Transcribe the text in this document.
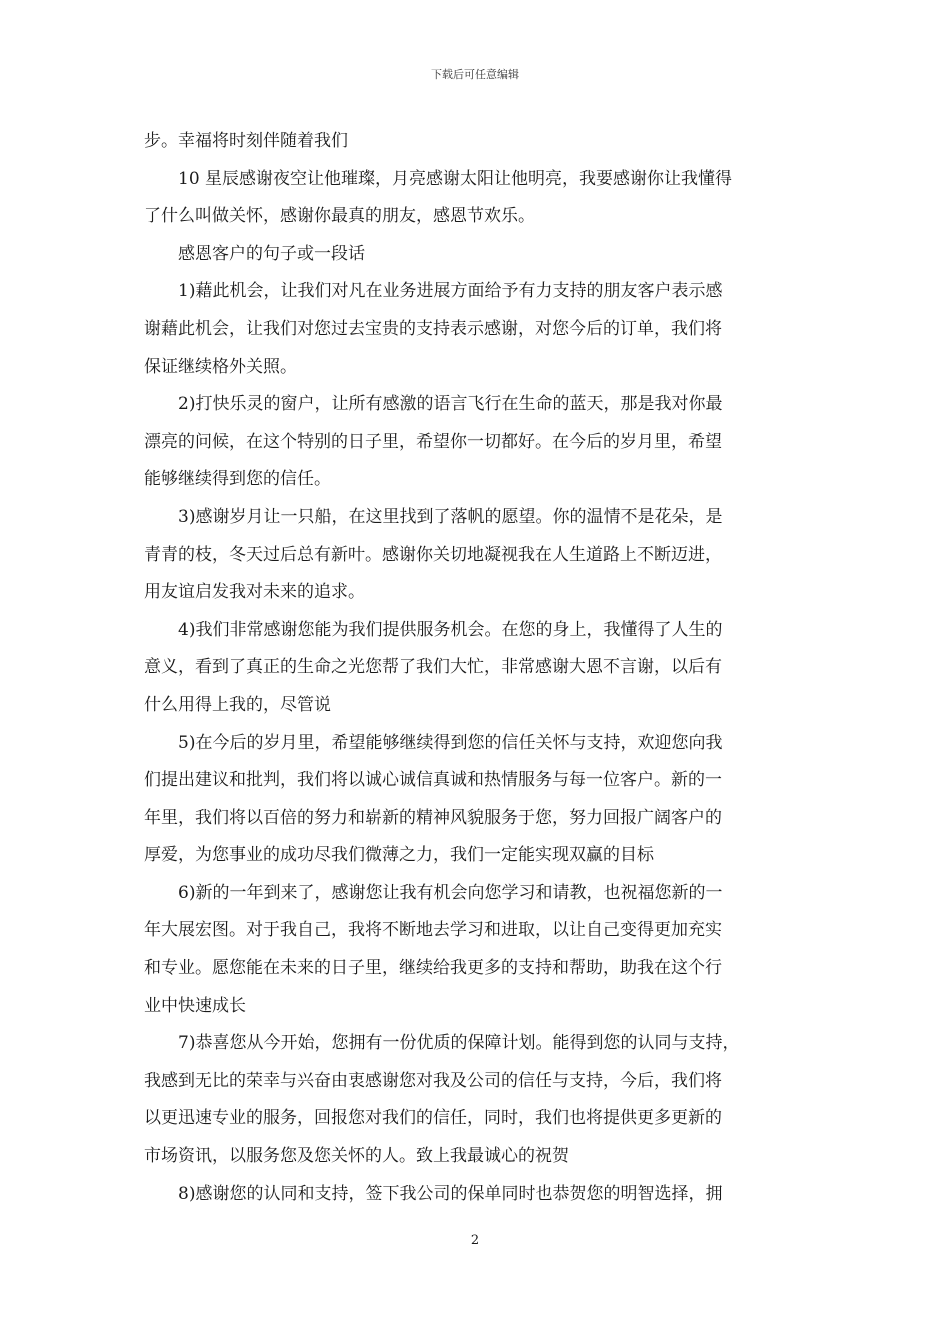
下载后可任意编辑
步。幸福将时刻伴随着我们
10 星辰感谢夜空让他璀璨，月亮感谢太阳让他明亮，我要感谢你让我懂得
了什么叫做关怀，感谢你最真的朋友，感恩节欢乐。
感恩客户的句子或一段话
1)藉此机会，让我们对凡在业务进展方面给予有力支持的朋友客户表示感
谢藉此机会，让我们对您过去宝贵的支持表示感谢，对您今后的订单，我们将
保证继续格外关照。
2)打快乐灵的窗户，让所有感激的语言飞行在生命的蓝天，那是我对你最
漂亮的问候，在这个特别的日子里，希望你一切都好。在今后的岁月里，希望
能够继续得到您的信任。
3)感谢岁月让一只船，在这里找到了落帆的愿望。你的温情不是花朵，是
青青的枝，冬天过后总有新叶。感谢你关切地凝视我在人生道路上不断迈进，
用友谊启发我对未来的追求。
4)我们非常感谢您能为我们提供服务机会。在您的身上，我懂得了人生的
意义，看到了真正的生命之光您帮了我们大忙，非常感谢大恩不言谢，以后有
什么用得上我的，尽管说
5)在今后的岁月里，希望能够继续得到您的信任关怀与支持，欢迎您向我
们提出建议和批判，我们将以诚心诚信真诚和热情服务与每一位客户。新的一
年里，我们将以百倍的努力和崭新的精神风貌服务于您，努力回报广阔客户的
厚爱，为您事业的成功尽我们微薄之力，我们一定能实现双赢的目标
6)新的一年到来了，感谢您让我有机会向您学习和请教，也祝福您新的一
年大展宏图。对于我自己，我将不断地去学习和进取，以让自己变得更加充实
和专业。愿您能在未来的日子里，继续给我更多的支持和帮助，助我在这个行
业中快速成长
7)恭喜您从今开始，您拥有一份优质的保障计划。能得到您的认同与支持，
我感到无比的荣幸与兴奋由衷感谢您对我及公司的信任与支持，今后，我们将
以更迅速专业的服务，回报您对我们的信任，同时，我们也将提供更多更新的
市场资讯，以服务您及您关怀的人。致上我最诚心的祝贺
8)感谢您的认同和支持，签下我公司的保单同时也恭贺您的明智选择，拥
2
